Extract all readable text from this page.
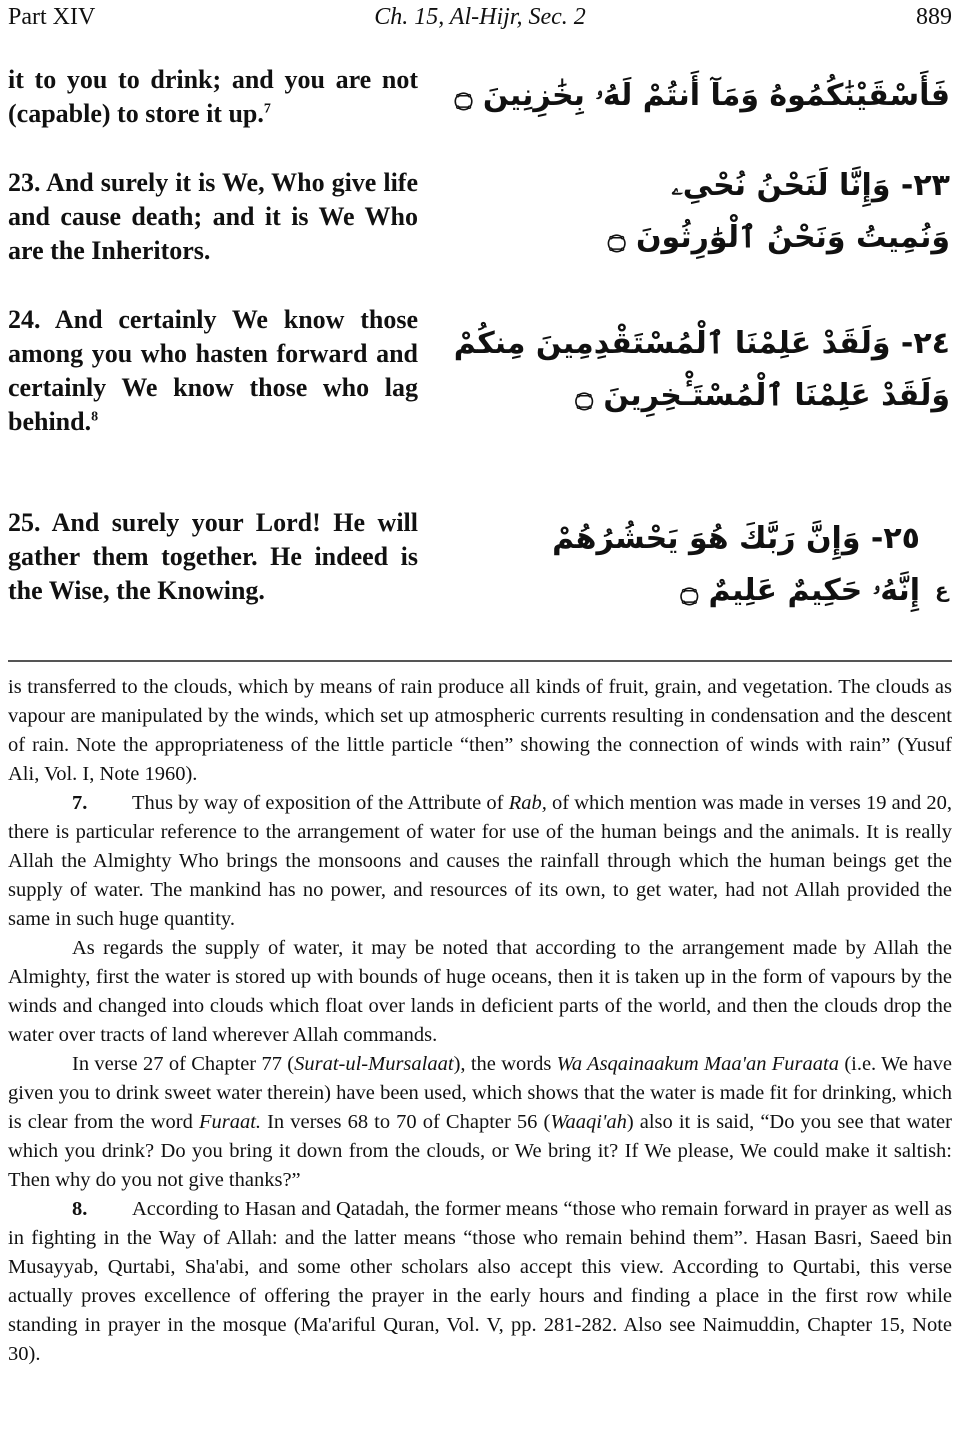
Part XIV	Ch. 15, Al-Hijr, Sec. 2	889
it to you to drink; and you are not (capable) to store it up.$^7$	فَأَسْقَيْنَٰكُمُوهُ وَمَآ أَنتُمْ لَهُۥ بِخَٰزِنِينَ ۝
23. And surely it is We, Who give life and cause death; and it is We Who are the Inheritors.
٢٣- وَإِنَّا لَنَحْنُ نُحْىِۦ
وَنُمِيتُ وَنَحْنُ ٱلْوَٰرِثُونَ ۝
24. And certainly We know those among you who hasten forward and certainly We know those who lag behind.$^8$
٢٤- وَلَقَدْ عَلِمْنَا ٱلْمُسْتَقْدِمِينَ مِنكُمْ
وَلَقَدْ عَلِمْنَا ٱلْمُسْتَـْٔخِرِينَ ۝
25. And surely your Lord! He will gather them together. He indeed is the Wise, the Knowing.
٢٥- وَإِنَّ رَبَّكَ هُوَ يَحْشُرُهُمْ
إِنَّهُۥ حَكِيمٌ عَلِيمٌ ۝ ع

is transferred to the clouds, which by means of rain produce all kinds of fruit, grain, and vegetation. The clouds as vapour are manipulated by the winds, which set up atmospheric currents resulting in condensation and the descent of rain. Note the appropriateness of the little particle “then” showing the connection of winds with rain” (Yusuf Ali, Vol. I, Note 1960).

7. Thus by way of exposition of the Attribute of Rab, of which mention was made in verses 19 and 20, there is particular reference to the arrangement of water for use of the human beings and the animals. It is really Allah the Almighty Who brings the monsoons and causes the rainfall through which the human beings get the supply of water. The mankind has no power, and resources of its own, to get water, had not Allah provided the same in such huge quantity.

As regards the supply of water, it may be noted that according to the arrangement made by Allah the Almighty, first the water is stored up with bounds of huge oceans, then it is taken up in the form of vapours by the winds and changed into clouds which float over lands in deficient parts of the world, and then the clouds drop the water over tracts of land wherever Allah commands.

In verse 27 of Chapter 77 (Surat-ul-Mursalaat), the words Wa Asqainaakum Maa'an Furaata (i.e. We have given you to drink sweet water therein) have been used, which shows that the water is made fit for drinking, which is clear from the word Furaat. In verses 68 to 70 of Chapter 56 (Waaqi'ah) also it is said, “Do you see that water which you drink? Do you bring it down from the clouds, or We bring it? If We please, We could make it saltish: Then why do you not give thanks?”

8. According to Hasan and Qatadah, the former means “those who remain forward in prayer as well as in fighting in the Way of Allah: and the latter means “those who remain behind them”. Hasan Basri, Saeed bin Musayyab, Qurtabi, Sha'abi, and some other scholars also accept this view. According to Qurtabi, this verse actually proves excellence of offering the prayer in the early hours and finding a place in the first row while standing in prayer in the mosque (Ma'ariful Quran, Vol. V, pp. 281-282. Also see Naimuddin, Chapter 15, Note 30).
